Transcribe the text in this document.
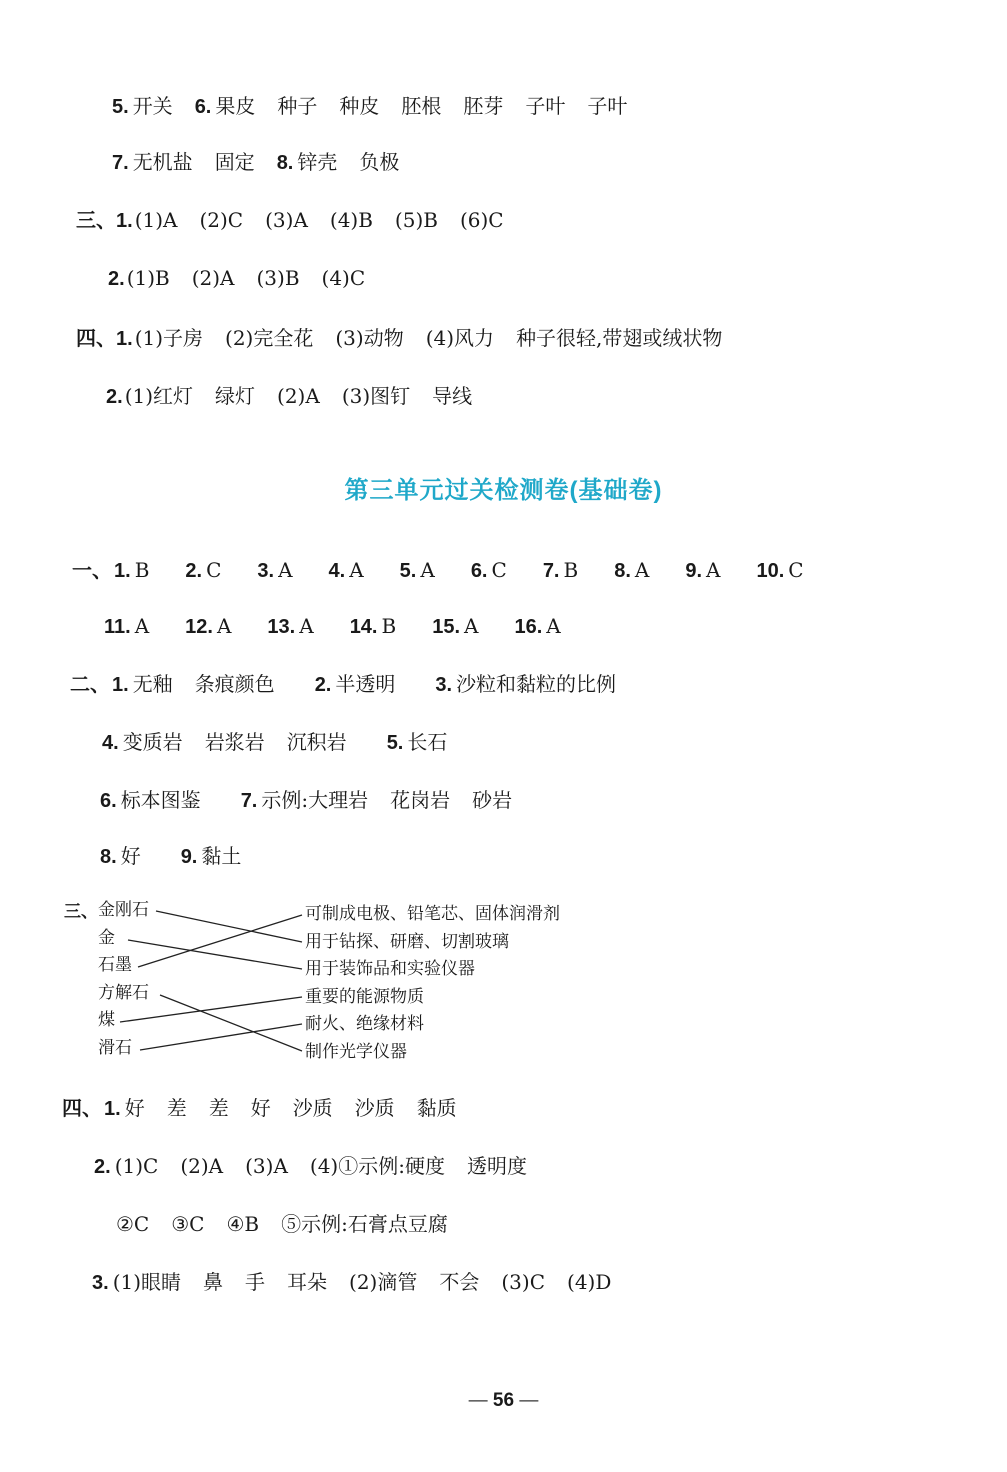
5. 开关 6. 果皮 种子 种皮 胚根 胚芽 子叶 子叶
7. 无机盐 固定 8. 锌壳 负极
三、1. (1)A (2)C (3)A (4)B (5)B (6)C
2. (1)B (2)A (3)B (4)C
四、1. (1)子房 (2)完全花 (3)动物 (4)风力 种子很轻,带翅或绒状物
2. (1)红灯 绿灯 (2)A (3)图钉 导线
第三单元过关检测卷(基础卷)
一、 1. B 2. C 3. A 4. A 5. A 6. C 7. B 8. A 9. A 10. C
11. A 12. A 13. A 14. B 15. A 16. A
二、 1. 无釉 条痕颜色 2. 半透明 3. 沙粒和黏粒的比例
4. 变质岩 岩浆岩 沉积岩 5. 长石
6. 标本图鉴 7. 示例:大理岩 花岗岩 砂岩
8. 好 9. 黏土
三、 金刚石
金
石墨
方解石
煤
滑石
可制成电极、铅笔芯、固体润滑剂
用于钻探、研磨、切割玻璃
用于装饰品和实验仪器
重要的能源物质
耐火、绝缘材料
制作光学仪器
四、 1. 好 差 差 好 沙质 沙质 黏质
2. (1)C (2)A (3)A (4)①示例:硬度 透明度
②C ③C ④B ⑤示例:石膏点豆腐
3. (1)眼睛 鼻 手 耳朵 (2)滴管 不会 (3)C (4)D
— 56 —
